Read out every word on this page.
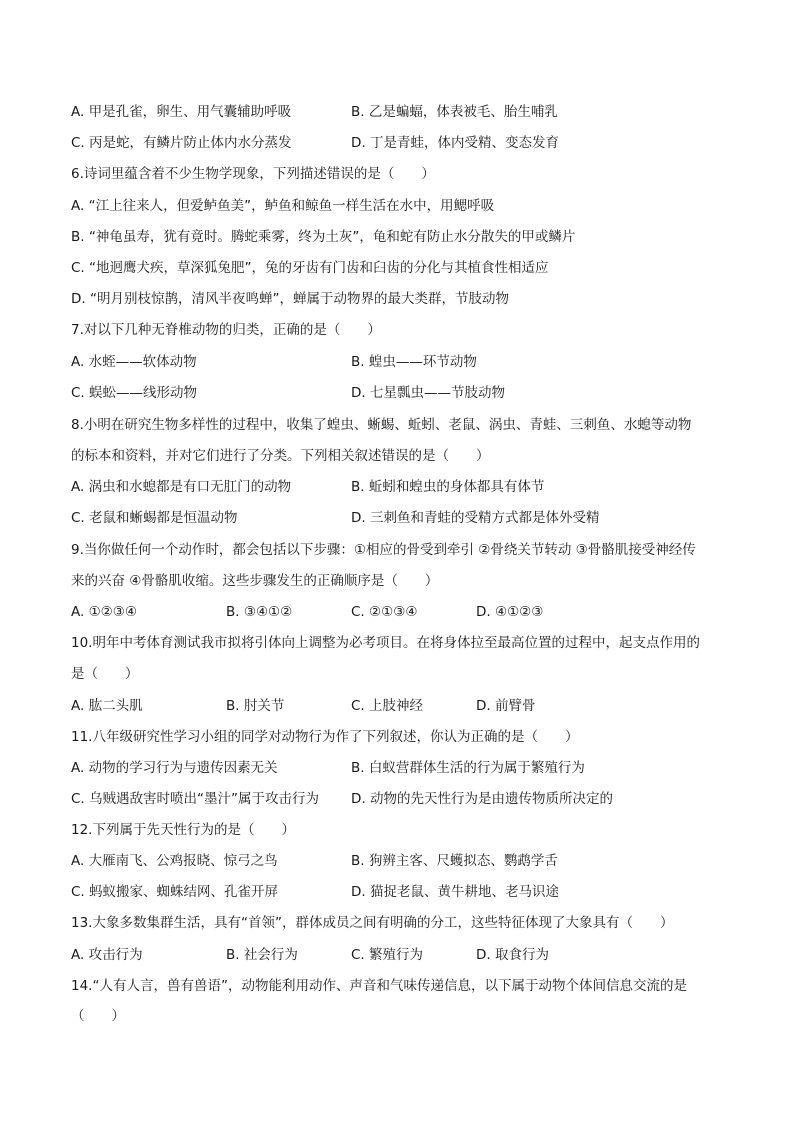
A. 甲是孔雀，卵生、用气囊辅助呼吸	B. 乙是蝙蝠，体表被毛、胎生哺乳
C. 丙是蛇，有鳞片防止体内水分蒸发	D. 丁是青蛙，体内受精、变态发育
6.诗词里蕴含着不少生物学现象，下列描述错误的是（　　）
A. “江上往来人，但爱鲈鱼美”，鲈鱼和鲸鱼一样生活在水中，用鳃呼吸
B. “神龟虽寿，犹有竟时。腾蛇乘雾，终为土灰”，龟和蛇有防止水分散失的甲或鳞片
C. “地迥鹰犬疾，草深狐兔肥”，兔的牙齿有门齿和臼齿的分化与其植食性相适应
D. “明月别枝惊鹊，清风半夜鸣蝉”，蝉属于动物界的最大类群，节肢动物
7.对以下几种无脊椎动物的归类，正确的是（　　）
A. 水蛭——软体动物	B. 蝗虫——环节动物
C. 蜈蚣——线形动物	D. 七星瓢虫——节肢动物
8.小明在研究生物多样性的过程中，收集了蝗虫、蜥蜴、蚯蚓、老鼠、涡虫、青蛙、三刺鱼、水螅等动物
的标本和资料，并对它们进行了分类。下列相关叙述错误的是（　　）
A. 涡虫和水螅都是有口无肛门的动物	B. 蚯蚓和蝗虫的身体都具有体节
C. 老鼠和蜥蜴都是恒温动物	D. 三刺鱼和青蛙的受精方式都是体外受精
9.当你做任何一个动作时，都会包括以下步骤：①相应的骨受到牵引 ②骨绕关节转动 ③骨骼肌接受神经传
来的兴奋 ④骨骼肌收缩。这些步骤发生的正确顺序是（　　）
A. ①②③④	B. ③④①②	C. ②①③④	D. ④①②③
10.明年中考体育测试我市拟将引体向上调整为必考项目。在将身体拉至最高位置的过程中，起支点作用的
是（　　）
A. 肱二头肌	B. 肘关节	C. 上肢神经	D. 前臂骨
11.八年级研究性学习小组的同学对动物行为作了下列叙述，你认为正确的是（　　）
A. 动物的学习行为与遗传因素无关	B. 白蚁营群体生活的行为属于繁殖行为
C. 乌贼遇敌害时喷出“墨汁”属于攻击行为 D. 动物的先天性行为是由遗传物质所决定的
12.下列属于先天性行为的是（　　）
A. 大雁南飞、公鸡报晓、惊弓之鸟	B. 狗辨主客、尺蠖拟态、鹦鹉学舌
C. 蚂蚁搬家、蜘蛛结网、孔雀开屏	D. 猫捉老鼠、黄牛耕地、老马识途
13.大象多数集群生活，具有“首领”，群体成员之间有明确的分工，这些特征体现了大象具有（　　）
A. 攻击行为	B. 社会行为	C. 繁殖行为	D. 取食行为
14.“人有人言，兽有兽语”，动物能利用动作、声音和气味传递信息，以下属于动物个体间信息交流的是
（　　）
